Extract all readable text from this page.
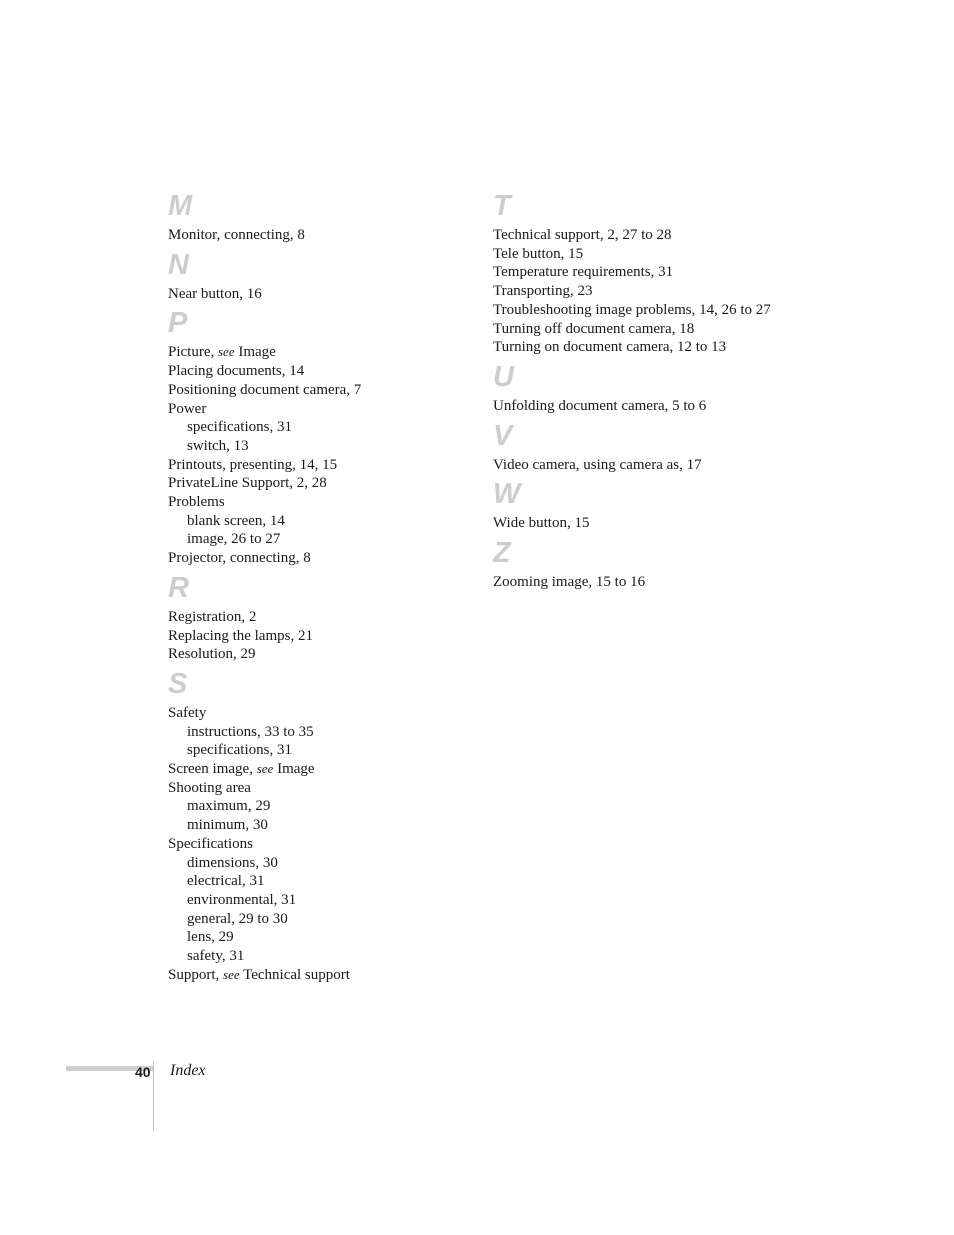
M
Monitor, connecting, 8
N
Near button, 16
P
Picture, see Image
Placing documents, 14
Positioning document camera, 7
Power
specifications, 31
switch, 13
Printouts, presenting, 14, 15
PrivateLine Support, 2, 28
Problems
blank screen, 14
image, 26 to 27
Projector, connecting, 8
R
Registration, 2
Replacing the lamps, 21
Resolution, 29
S
Safety
instructions, 33 to 35
specifications, 31
Screen image, see Image
Shooting area
maximum, 29
minimum, 30
Specifications
dimensions, 30
electrical, 31
environmental, 31
general, 29 to 30
lens, 29
safety, 31
Support, see Technical support
T
Technical support, 2, 27 to 28
Tele button, 15
Temperature requirements, 31
Transporting, 23
Troubleshooting image problems, 14, 26 to 27
Turning off document camera, 18
Turning on document camera, 12 to 13
U
Unfolding document camera, 5 to 6
V
Video camera, using camera as, 17
W
Wide button, 15
Z
Zooming image, 15 to 16
40 Index
